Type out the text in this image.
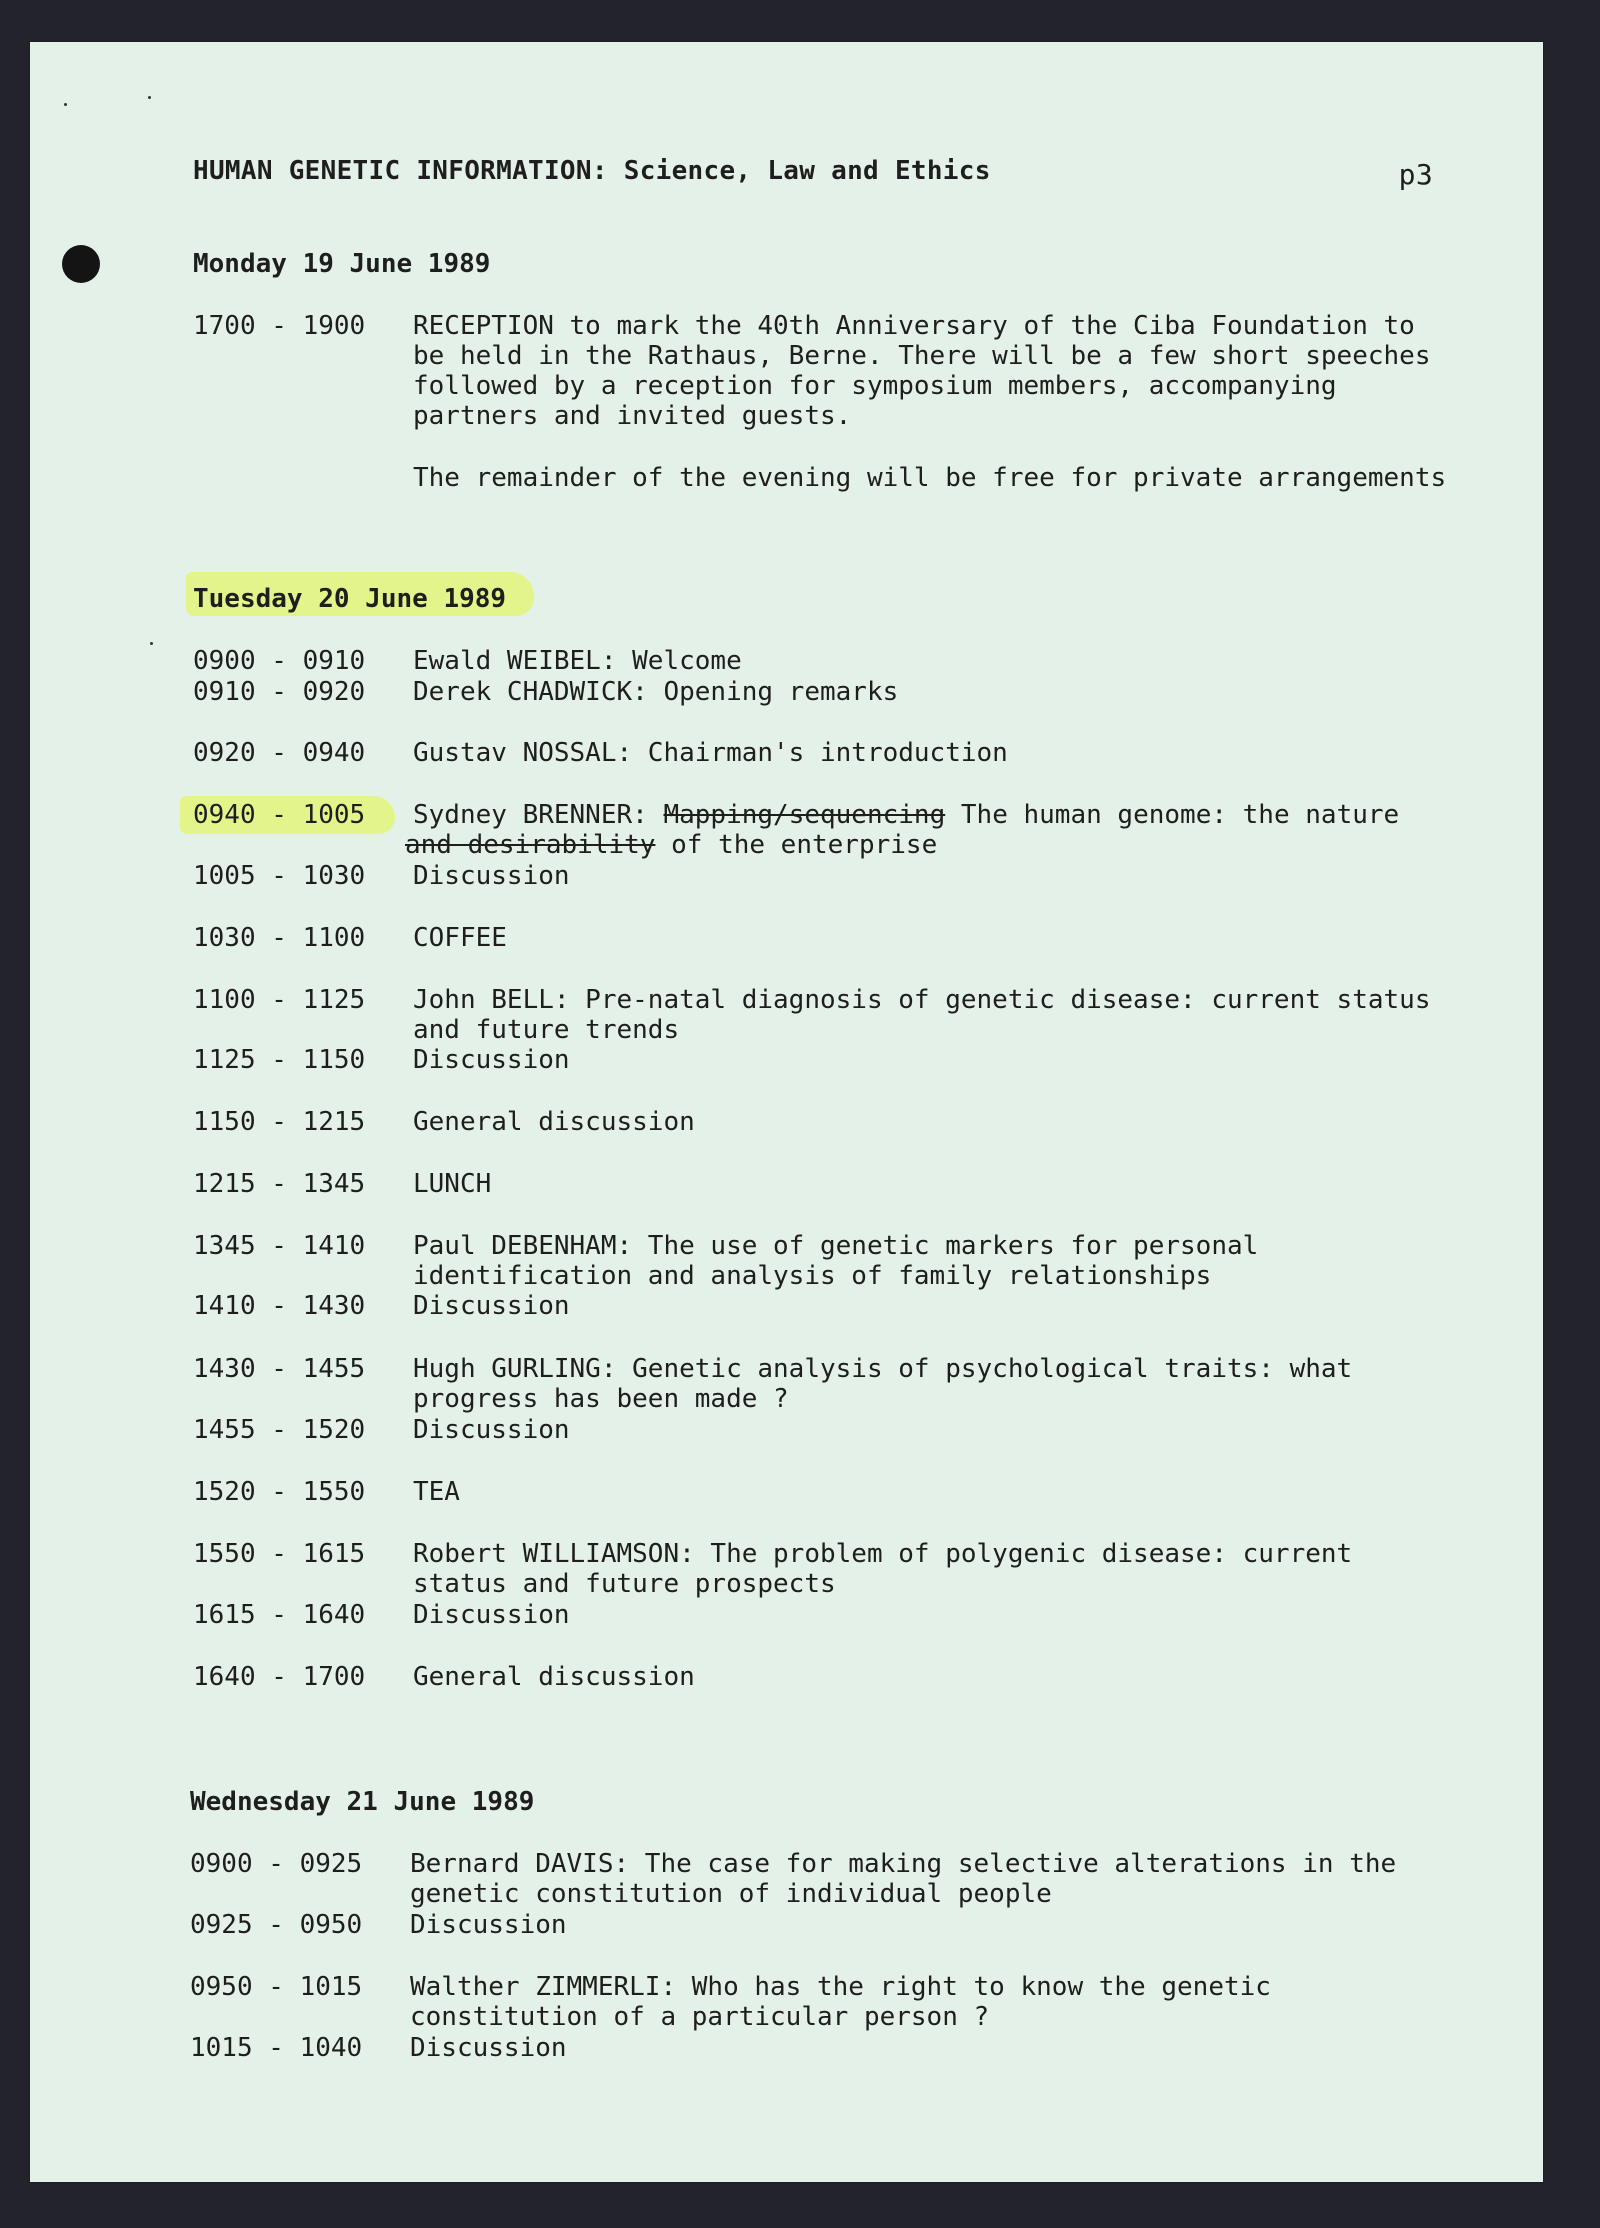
HUMAN GENETIC INFORMATION: Science, Law and Ethics	p3
Monday 19 June 1989
1700 - 1900 RECEPTION to mark the 40th Anniversary of the Ciba Foundation to be held in the Rathaus, Berne. There will be a few short speeches followed by a reception for symposium members, accompanying partners and invited guests.
The remainder of the evening will be free for private arrangements
Tuesday 20 June 1989
0900 - 0910 Ewald WEIBEL: Welcome
0910 - 0920 Derek CHADWICK: Opening remarks
0920 - 0940 Gustav NOSSAL: Chairman's introduction
0940 - 1005 Sydney BRENNER: Mapping/sequencing The human genome: the nature
and desirability of the enterprise
1005 - 1030 Discussion
1030 - 1100 COFFEE
1100 - 1125 John BELL: Pre-natal diagnosis of genetic disease: current status and future trends
1125 - 1150 Discussion
1150 - 1215 General discussion
1215 - 1345 LUNCH
1345 - 1410 Paul DEBENHAM: The use of genetic markers for personal identification and analysis of family relationships
1410 - 1430 Discussion
1430 - 1455 Hugh GURLING: Genetic analysis of psychological traits: what progress has been made ?
1455 - 1520 Discussion
1520 - 1550 TEA
1550 - 1615 Robert WILLIAMSON: The problem of polygenic disease: current status and future prospects
1615 - 1640 Discussion
1640 - 1700 General discussion
Wednesday 21 June 1989
0900 - 0925 Bernard DAVIS: The case for making selective alterations in the genetic constitution of individual people
0925 - 0950 Discussion
0950 - 1015 Walther ZIMMERLI: Who has the right to know the genetic constitution of a particular person ?
1015 - 1040 Discussion
